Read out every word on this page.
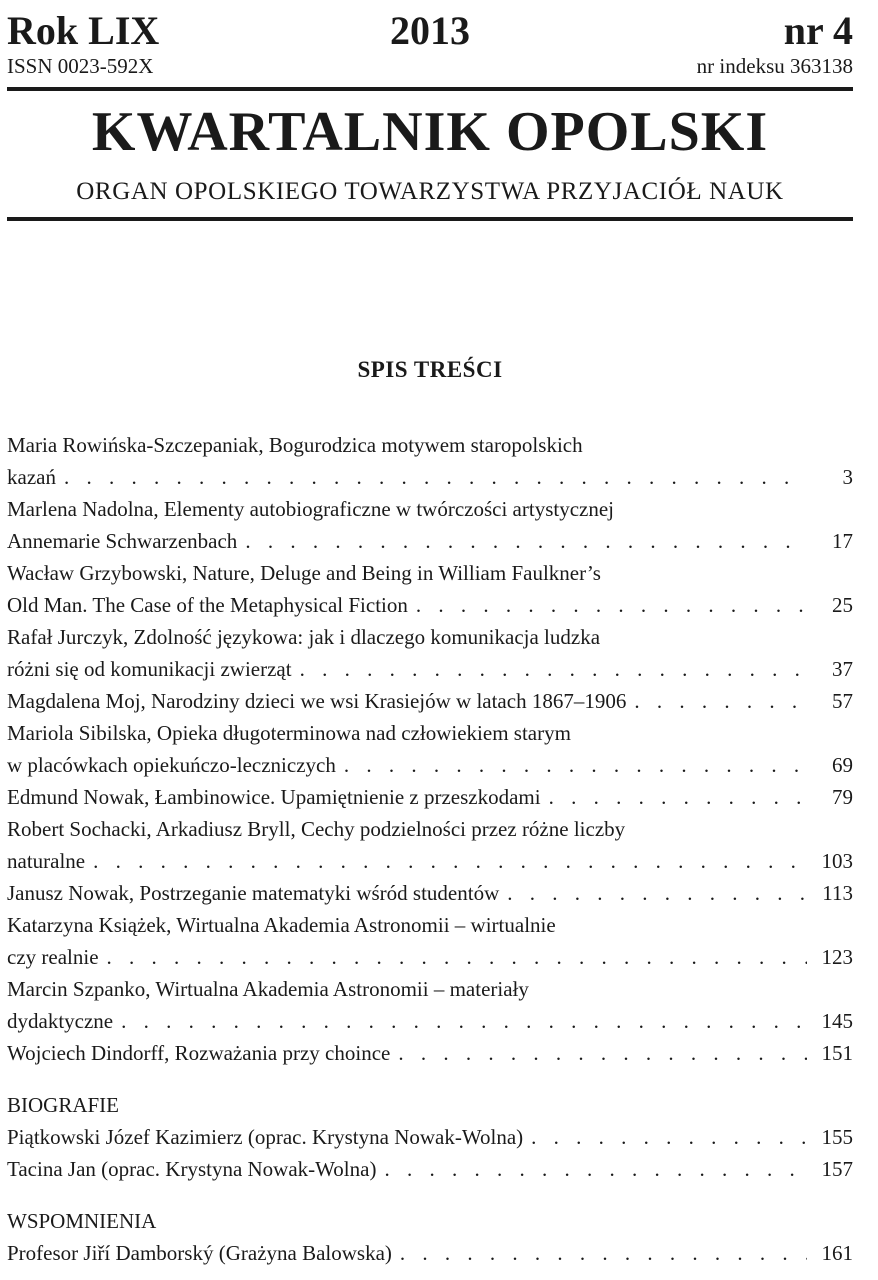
Rok LIX	2013	nr 4
ISSN 0023-592X	nr indeksu 363138
KWARTALNIK OPOLSKI
ORGAN OPOLSKIEGO TOWARZYSTWA PRZYJACIÓŁ NAUK
SPIS TREŚCI
Maria Rowińska-Szczepaniak, Bogurodzica motywem staropolskich
kazań . . .	3
Marlena Nadolna, Elementy autobiograficzne w twórczości artystycznej
Annemarie Schwarzenbach . . .	17
Wacław Grzybowski, Nature, Deluge and Being in William Faulkner’s
Old Man. The Case of the Metaphysical Fiction . . .	25
Rafał Jurczyk, Zdolność językowa: jak i dlaczego komunikacja ludzka
różni się od komunikacji zwierząt . . .	37
Magdalena Moj, Narodziny dzieci we wsi Krasiejów w latach 1867–1906 . . .	57
Mariola Sibilska, Opieka długoterminowa nad człowiekiem starym
w placówkach opiekuńczo-leczniczych . . .	69
Edmund Nowak, Łambinowice. Upamiętnienie z przeszkodami . . .	79
Robert Sochacki, Arkadiusz Bryll, Cechy podzielności przez różne liczby
naturalne . . .	103
Janusz Nowak, Postrzeganie matematyki wśród studentów . . .	113
Katarzyna Książek, Wirtualna Akademia Astronomii – wirtualnie
czy realnie . . .	123
Marcin Szpanko, Wirtualna Akademia Astronomii – materiały
dydaktyczne . . .	145
Wojciech Dindorff, Rozważania przy choince . . .	151
BIOGRAFIE
Piątkowski Józef Kazimierz (oprac. Krystyna Nowak-Wolna) . . .	155
Tacina Jan (oprac. Krystyna Nowak-Wolna) . . .	157
WSPOMNIENIA
Profesor Jiří Damborský (Grażyna Balowska) . . .	161
